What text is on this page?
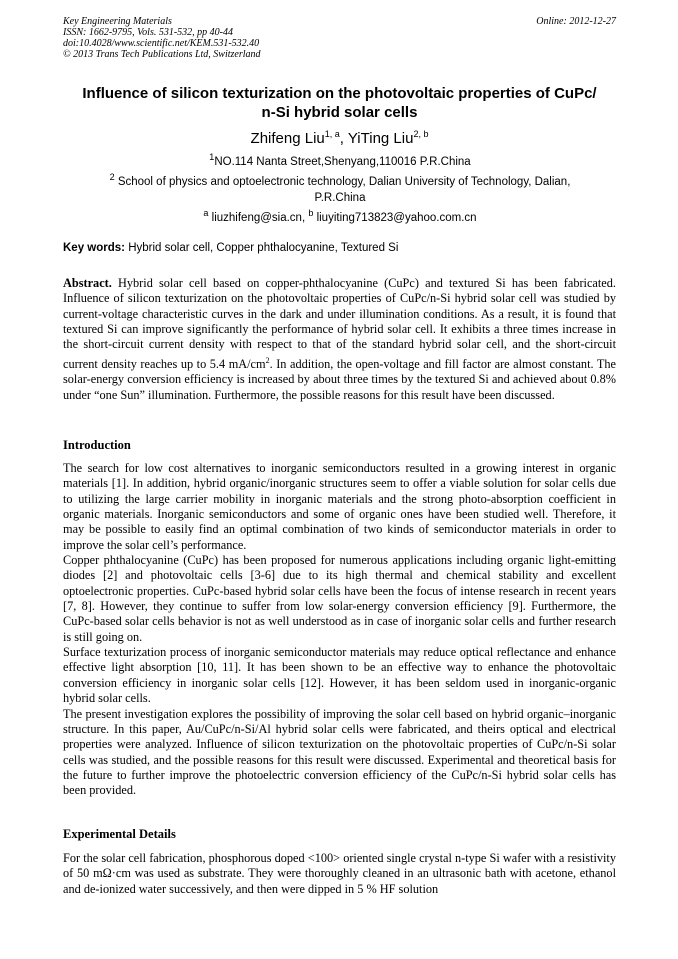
Key Engineering Materials
ISSN: 1662-9795, Vols. 531-532, pp 40-44
doi:10.4028/www.scientific.net/KEM.531-532.40
© 2013 Trans Tech Publications Ltd, Switzerland
Online: 2012-12-27
Influence of silicon texturization on the photovoltaic properties of CuPc/
n-Si hybrid solar cells
Zhifeng Liu$^{1, a}$, YiTing Liu$^{2, b}$
$^1$NO.114 Nanta Street,Shenyang,110016 P.R.China
$^2$ School of physics and optoelectronic technology, Dalian University of Technology, Dalian,
P.R.China
$^a$ liuzhifeng@sia.cn, $^b$ liuyiting713823@yahoo.com.cn
Key words: Hybrid solar cell, Copper phthalocyanine, Textured Si

Abstract. Hybrid solar cell based on copper-phthalocyanine (CuPc) and textured Si has been fabricated. Influence of silicon texturization on the photovoltaic properties of CuPc/n-Si hybrid solar cell was studied by current-voltage characteristic curves in the dark and under illumination conditions. As a result, it is found that textured Si can improve significantly the performance of hybrid solar cell. It exhibits a three times increase in the short-circuit current density with respect to that of the standard hybrid solar cell, and the short-circuit current density reaches up to 5.4 $mA/cm^2$. In addition, the open-voltage and fill factor are almost constant. The solar-energy conversion efficiency is increased by about three times by the textured Si and achieved about 0.8% under “one Sun” illumination. Furthermore, the possible reasons for this result have been discussed.

Introduction

The search for low cost alternatives to inorganic semiconductors resulted in a growing interest in organic materials [1]. In addition, hybrid organic/inorganic structures seem to offer a viable solution for solar cells due to utilizing the large carrier mobility in inorganic materials and the strong photo-absorption coefficient in organic materials. Inorganic semiconductors and some of organic ones have been studied well. Therefore, it may be possible to easily find an optimal combination of two kinds of semiconductor materials in order to improve the solar cell’s performance.

Copper phthalocyanine (CuPc) has been proposed for numerous applications including organic light-emitting diodes [2] and photovoltaic cells [3-6] due to its high thermal and chemical stability and excellent optoelectronic properties. CuPc-based hybrid solar cells have been the focus of intense research in recent years [7, 8]. However, they continue to suffer from low solar-energy conversion efficiency [9]. Furthermore, the CuPc-based solar cells behavior is not as well understood as in case of inorganic solar cells and further research is still going on.

Surface texturization process of inorganic semiconductor materials may reduce optical reflectance and enhance effective light absorption [10, 11]. It has been shown to be an effective way to enhance the photovoltaic conversion efficiency in inorganic solar cells [12]. However, it has been seldom used in inorganic-organic hybrid solar cells.

The present investigation explores the possibility of improving the solar cell based on hybrid organic–inorganic structure. In this paper, Au/CuPc/n-Si/Al hybrid solar cells were fabricated, and theirs optical and electrical properties were analyzed. Influence of silicon texturization on the photovoltaic properties of CuPc/n-Si solar cells was studied, and the possible reasons for this result were discussed. Experimental and theoretical basis for the future to further improve the photoelectric conversion efficiency of the CuPc/n-Si hybrid solar cells has been provided.

Experimental Details

For the solar cell fabrication, phosphorous doped <100> oriented single crystal n-type Si wafer with a resistivity of 50 mΩ·cm was used as substrate. They were thoroughly cleaned in an ultrasonic bath with acetone, ethanol and de-ionized water successively, and then were dipped in 5 % HF solution
